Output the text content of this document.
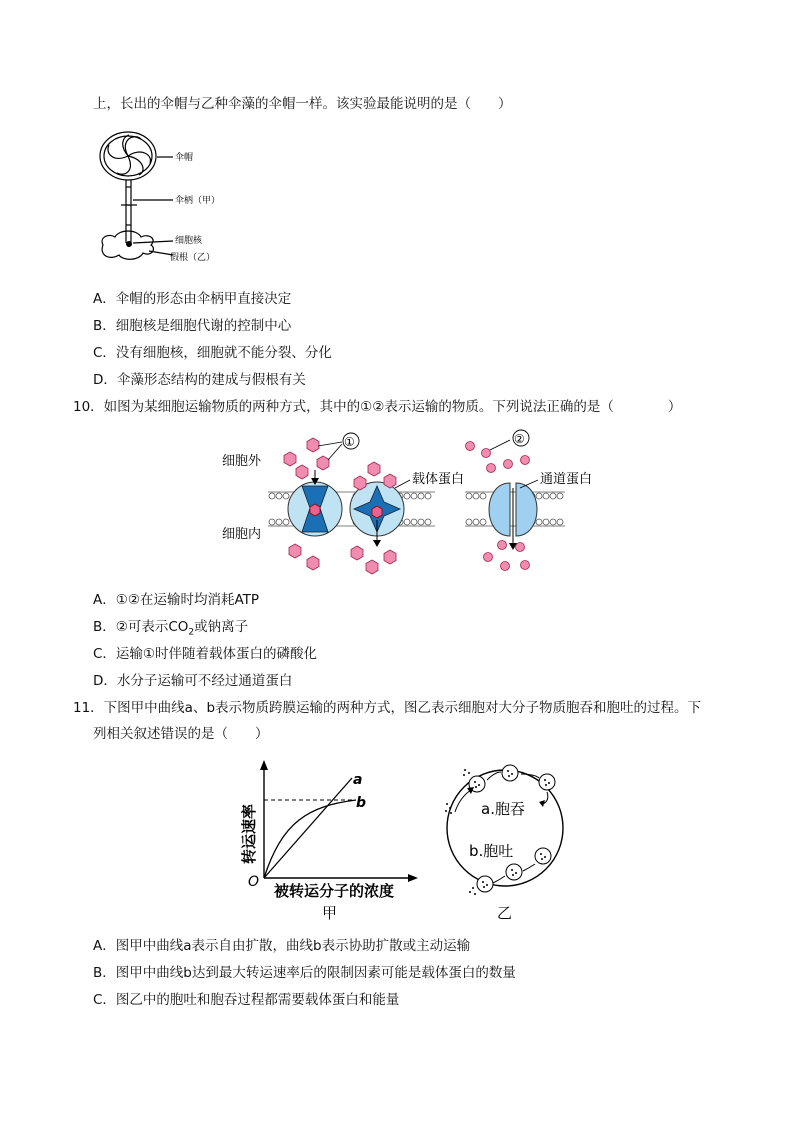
上，长出的伞帽与乙种伞藻的伞帽一样。该实验最能说明的是（　　）
伞帽
伞柄（甲）
细胞核
假根（乙）
A．伞帽的形态由伞柄甲直接决定
B．细胞核是细胞代谢的控制中心
C．没有细胞核，细胞就不能分裂、分化
D．伞藻形态结构的建成与假根有关
10．如图为某细胞运输物质的两种方式，其中的①②表示运输的物质。下列说法正确的是（　　　　）
细胞外
细胞内
①	②
载体蛋白	通道蛋白
A．①②在运输时均消耗ATP
B．②可表示$CO_2$或钠离子
C．运输①时伴随着载体蛋白的磷酸化
D．水分子运输可不经过通道蛋白
11．下图甲中曲线a、b表示物质跨膜运输的两种方式，图乙表示细胞对大分子物质胞吞和胞吐的过程。下
列相关叙述错误的是（　　）
a
b
O 被转运分子的浓度
转运速率
甲
a.胞吞
b.胞吐
乙
A．图甲中曲线a表示自由扩散，曲线b表示协助扩散或主动运输
B．图甲中曲线b达到最大转运速率后的限制因素可能是载体蛋白的数量
C．图乙中的胞吐和胞吞过程都需要载体蛋白和能量
